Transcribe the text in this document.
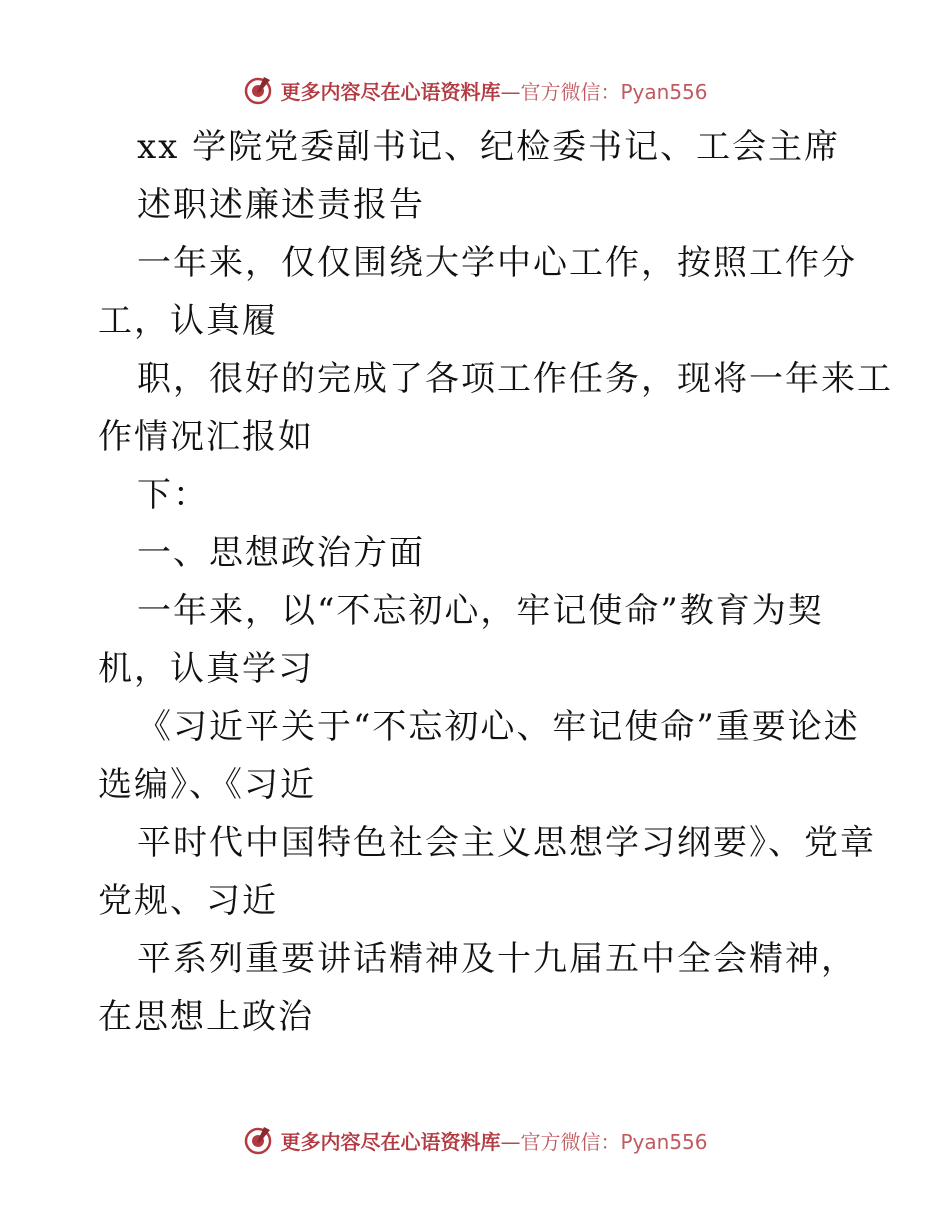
更多内容尽在心语资料库—官方微信：Pyan556
xx 学院党委副书记、纪检委书记、工会主席
述职述廉述责报告
一年来，仅仅围绕大学中心工作，按照工作分
工，认真履
职，很好的完成了各项工作任务，现将一年来工
作情况汇报如
下：
一、思想政治方面
一年来，以“不忘初心，牢记使命”教育为契
机，认真学习
《习近平关于“不忘初心、牢记使命”重要论述
选编》、《习近
平时代中国特色社会主义思想学习纲要》、党章
党规、习近
平系列重要讲话精神及十九届五中全会精神，
在思想上政治
更多内容尽在心语资料库—官方微信：Pyan556
